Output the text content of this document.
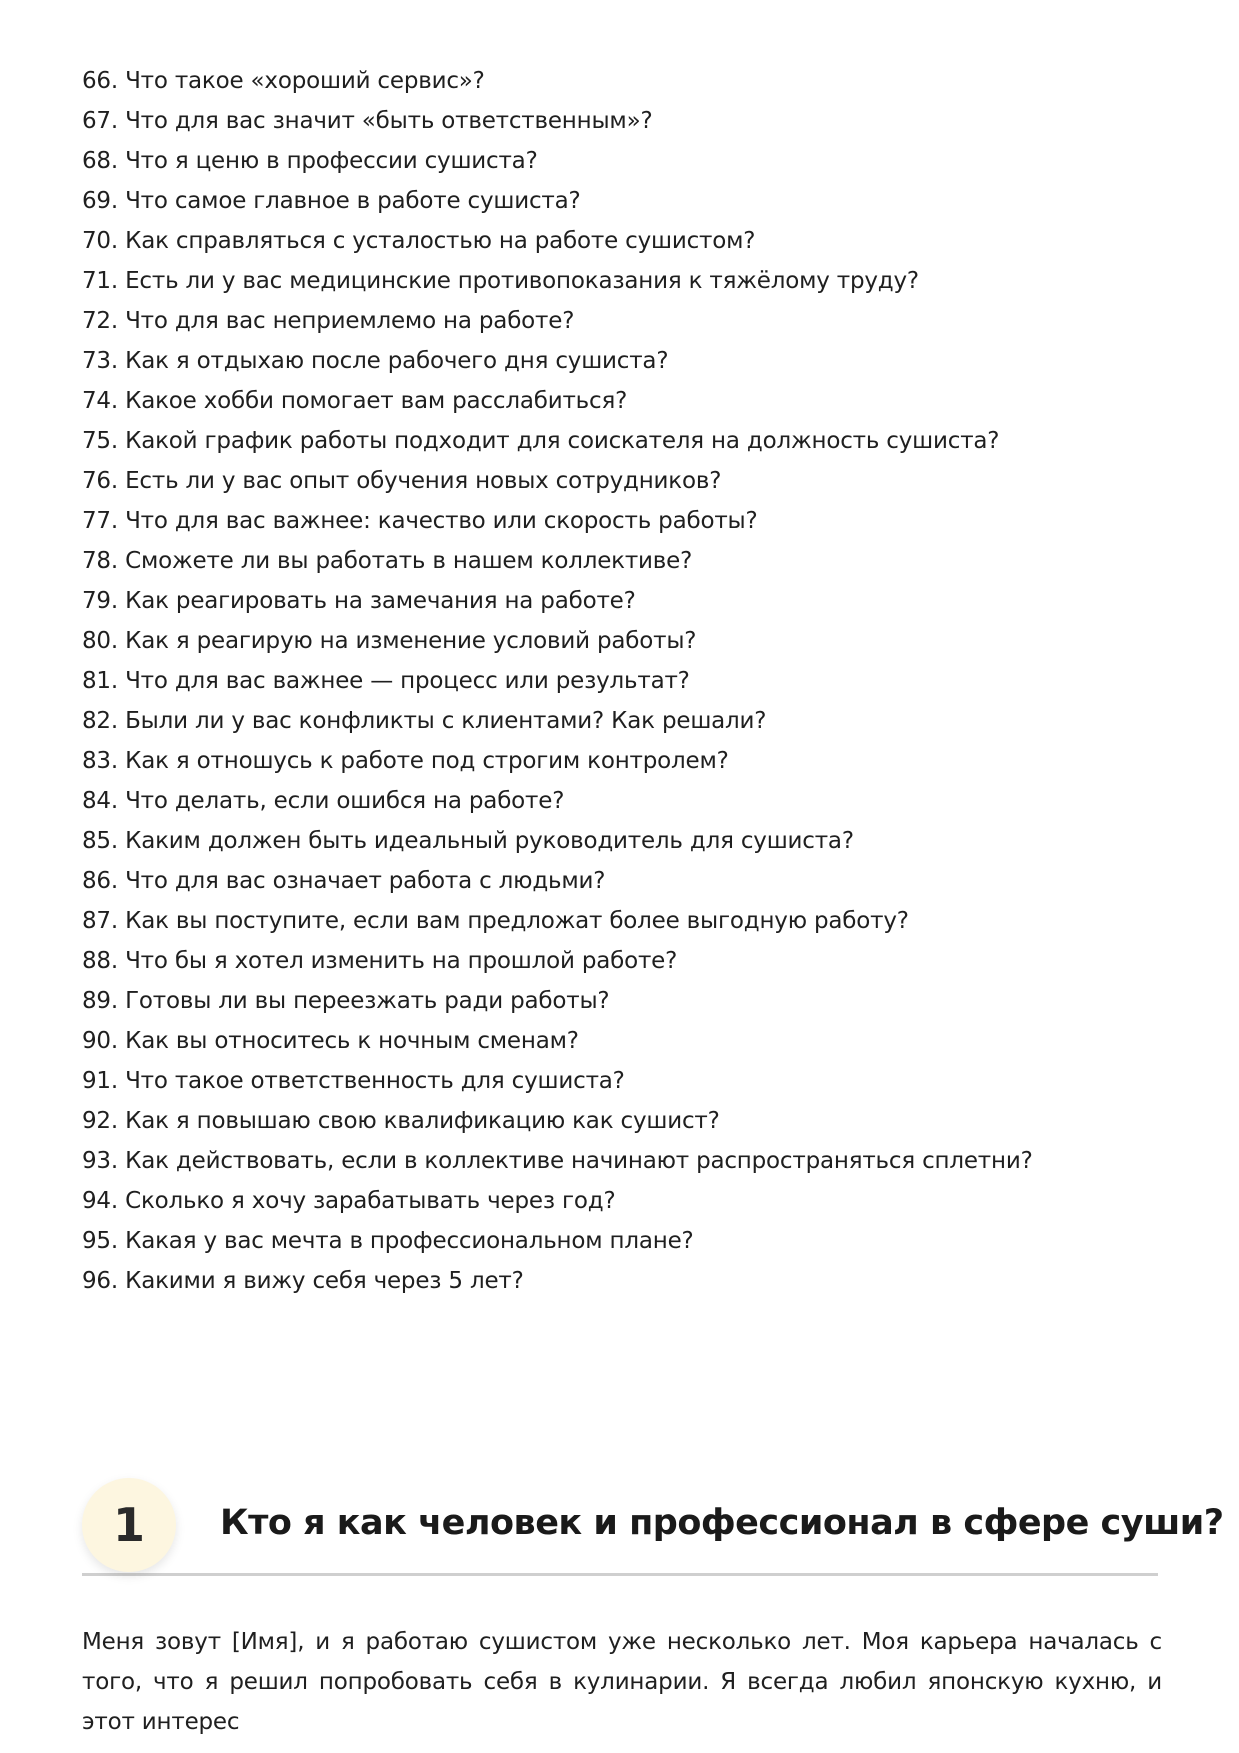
66. Что такое «хороший сервис»?
67. Что для вас значит «быть ответственным»?
68. Что я ценю в профессии сушиста?
69. Что самое главное в работе сушиста?
70. Как справляться с усталостью на работе сушистом?
71. Есть ли у вас медицинские противопоказания к тяжёлому труду?
72. Что для вас неприемлемо на работе?
73. Как я отдыхаю после рабочего дня сушиста?
74. Какое хобби помогает вам расслабиться?
75. Какой график работы подходит для соискателя на должность сушиста?
76. Есть ли у вас опыт обучения новых сотрудников?
77. Что для вас важнее: качество или скорость работы?
78. Сможете ли вы работать в нашем коллективе?
79. Как реагировать на замечания на работе?
80. Как я реагирую на изменение условий работы?
81. Что для вас важнее — процесс или результат?
82. Были ли у вас конфликты с клиентами? Как решали?
83. Как я отношусь к работе под строгим контролем?
84. Что делать, если ошибся на работе?
85. Каким должен быть идеальный руководитель для сушиста?
86. Что для вас означает работа с людьми?
87. Как вы поступите, если вам предложат более выгодную работу?
88. Что бы я хотел изменить на прошлой работе?
89. Готовы ли вы переезжать ради работы?
90. Как вы относитесь к ночным сменам?
91. Что такое ответственность для сушиста?
92. Как я повышаю свою квалификацию как сушист?
93. Как действовать, если в коллективе начинают распространяться сплетни?
94. Сколько я хочу зарабатывать через год?
95. Какая у вас мечта в профессиональном плане?
96. Какими я вижу себя через 5 лет?
1	Кто я как человек и профессионал в сфере суши?

Меня зовут [Имя], и я работаю сушистом уже несколько лет. Моя карьера началась с того, что я решил попробовать себя в кулинарии. Я всегда любил японскую кухню, и этот интерес
